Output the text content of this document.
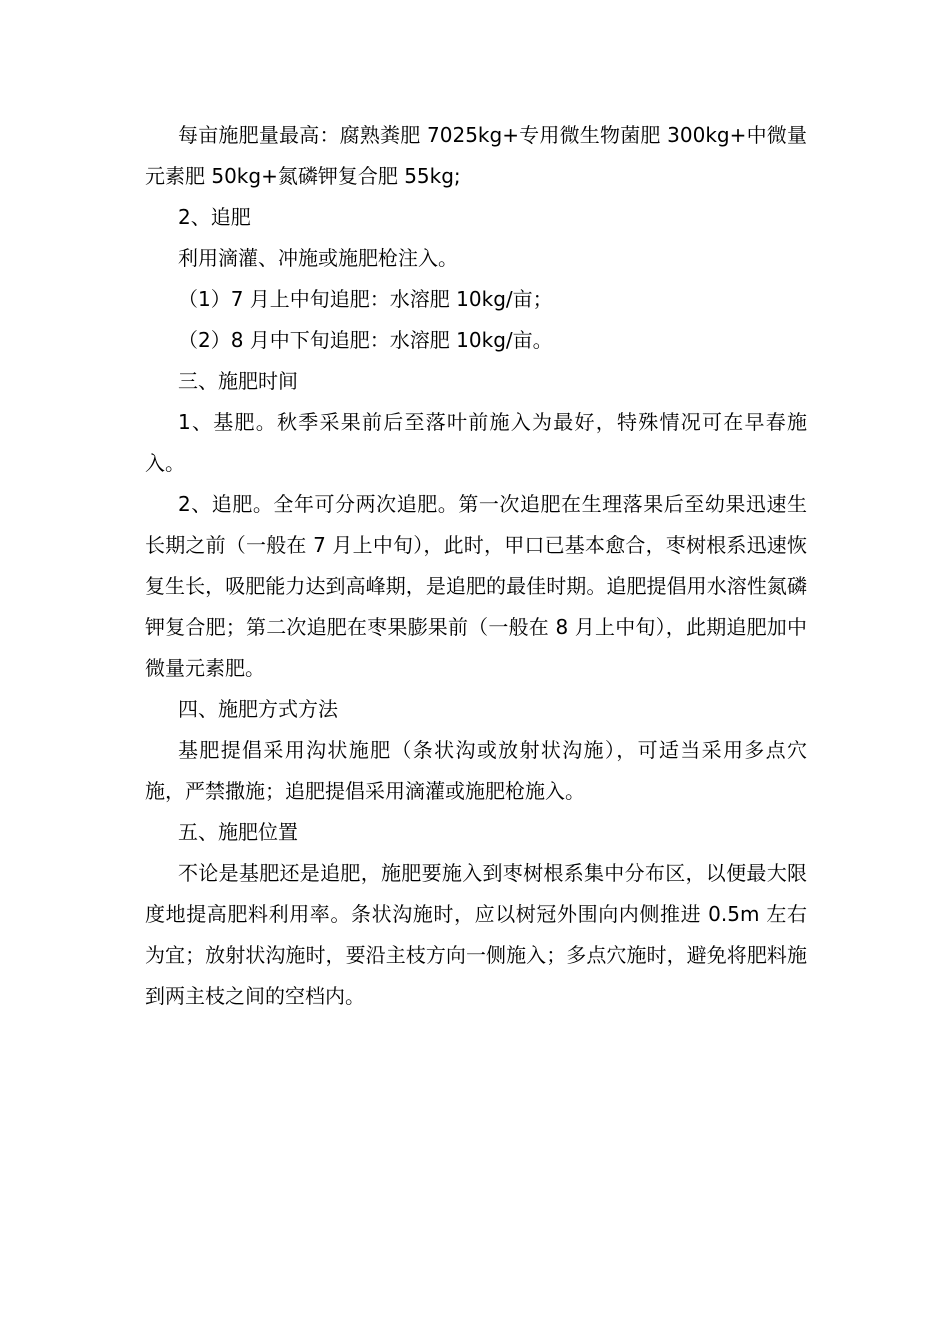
每亩施肥量最高：腐熟粪肥 7025kg+专用微生物菌肥 300kg+中微量元素肥 50kg+氮磷钾复合肥 55kg;

2、追肥

利用滴灌、冲施或施肥枪注入。

（1）7 月上中旬追肥：水溶肥 10kg/亩；

（2）8 月中下旬追肥：水溶肥 10kg/亩。

三、施肥时间

1、基肥。秋季采果前后至落叶前施入为最好，特殊情况可在早春施入。

2、追肥。全年可分两次追肥。第一次追肥在生理落果后至幼果迅速生长期之前（一般在 7 月上中旬），此时，甲口已基本愈合，枣树根系迅速恢复生长，吸肥能力达到高峰期，是追肥的最佳时期。追肥提倡用水溶性氮磷钾复合肥；第二次追肥在枣果膨果前（一般在 8 月上中旬），此期追肥加中微量元素肥。

四、施肥方式方法

基肥提倡采用沟状施肥（条状沟或放射状沟施），可适当采用多点穴施，严禁撒施；追肥提倡采用滴灌或施肥枪施入。

五、施肥位置

不论是基肥还是追肥，施肥要施入到枣树根系集中分布区，以便最大限度地提高肥料利用率。条状沟施时，应以树冠外围向内侧推进 0.5m 左右为宜；放射状沟施时，要沿主枝方向一侧施入；多点穴施时，避免将肥料施到两主枝之间的空档内。
